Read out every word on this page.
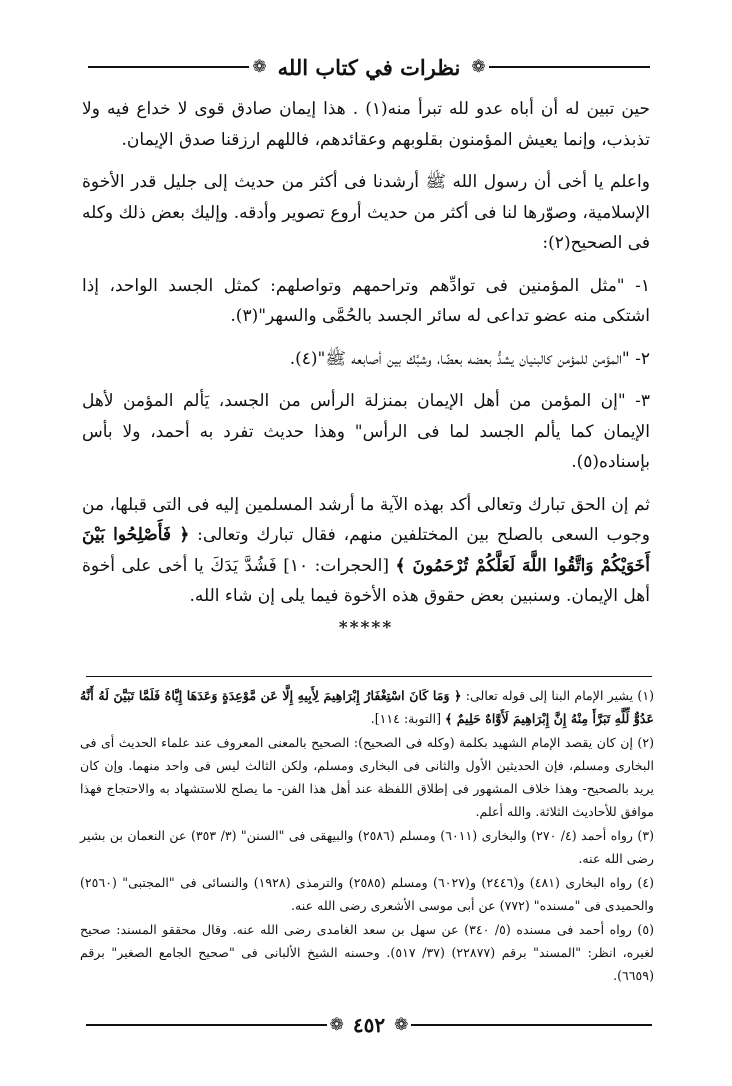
❁
نظرات في كتاب الله
❁

حين تبين له أن أباه عدو لله تبرأ منه(١) . هذا إيمان صادق قوى لا خداع فيه ولا تذبذب، وإنما يعيش المؤمنون بقلوبهم وعقائدهم، فاللهم ارزقنا صدق الإيمان.

واعلم يا أخى أن رسول الله ﷺ أرشدنا فى أكثر من حديث إلى جليل قدر الأخوة الإسلامية، وصوّرها لنا فى أكثر من حديث أروع تصوير وأدقه. وإليك بعض ذلك وكله فى الصحيح(٢):

١- "مثل المؤمنين فى توادِّهم وتراحمهم وتواصلهم: كمثل الجسد الواحد، إذا اشتكى منه عضو تداعى له سائر الجسد بالحُمَّى والسهر"(٣).

٢- "المؤمن للمؤمن كالبنيان يشدُّ بعضه بعضًا، وشبَّك بين أصابعه ﷺ"(٤).

٣- "إن المؤمن من أهل الإيمان بمنزلة الرأس من الجسد، يَألم المؤمن لأهل الإيمان كما يألم الجسد لما فى الرأس" وهذا حديث تفرد به أحمد، ولا بأس بإسناده(٥).

ثم إن الحق تبارك وتعالى أكد بهذه الآية ما أرشد المسلمين إليه فى التى قبلها، من وجوب السعى بالصلح بين المختلفين منهم، فقال تبارك وتعالى: ﴿ فَأَصْلِحُوا بَيْنَ أَخَوَيْكُمْ وَاتَّقُوا اللَّهَ لَعَلَّكُمْ تُرْحَمُونَ ﴾ [الحجرات: ١٠] فَشُدَّ يَدَكَ يا أخى على أخوة أهل الإيمان. وسنبين بعض حقوق هذه الأخوة فيما يلى إن شاء الله.

*****

(١) يشير الإمام البنا إلى قوله تعالى: ﴿ وَمَا كَانَ اسْتِغْفَارُ إِبْرَاهِيمَ لِأَبِيهِ إِلَّا عَن مَّوْعِدَةٍ وَعَدَهَا إِيَّاهُ فَلَمَّا تَبَيَّنَ لَهُ أَنَّهُ عَدُوٌّ لِّلَّهِ تَبَرَّأَ مِنْهُ إِنَّ إِبْرَاهِيمَ لَأَوَّاهٌ حَلِيمٌ ﴾ [التوبة: ١١٤].

(٢) إن كان يقصد الإمام الشهيد بكلمة (وكله فى الصحيح): الصحيح بالمعنى المعروف عند علماء الحديث أى فى البخارى ومسلم، فإن الحديثين الأول والثانى فى البخارى ومسلم، ولكن الثالث ليس فى واحد منهما. وإن كان يريد بالصحيح- وهذا خلاف المشهور فى إطلاق اللفظة عند أهل هذا الفن- ما يصلح للاستشهاد به والاحتجاج فهذا موافق للأحاديث الثلاثة. والله أعلم.

(٣) رواه أحمد (٤/ ٢٧٠) والبخارى (٦٠١١) ومسلم (٢٥٨٦) والبيهقى فى "السنن" (٣/ ٣٥٣) عن النعمان بن بشير رضى الله عنه.

(٤) رواه البخارى (٤٨١) و(٢٤٤٦) و(٦٠٢٧) ومسلم (٢٥٨٥) والترمذى (١٩٢٨) والنسائى فى "المجتبى" (٢٥٦٠) والحميدى فى "مسنده" (٧٧٢) عن أبى موسى الأشعرى رضى الله عنه.

(٥) رواه أحمد فى مسنده (٥/ ٣٤٠) عن سهل بن سعد الغامدى رضى الله عنه. وقال محققو المسند: صحيح لغيره، انظر: "المسند" برقم (٢٢٨٧٧) (٣٧/ ٥١٧). وحسنه الشيخ الألبانى فى "صحيح الجامع الصغير" برقم (٦٦٥٩).

❁
٤٥٢
❁
